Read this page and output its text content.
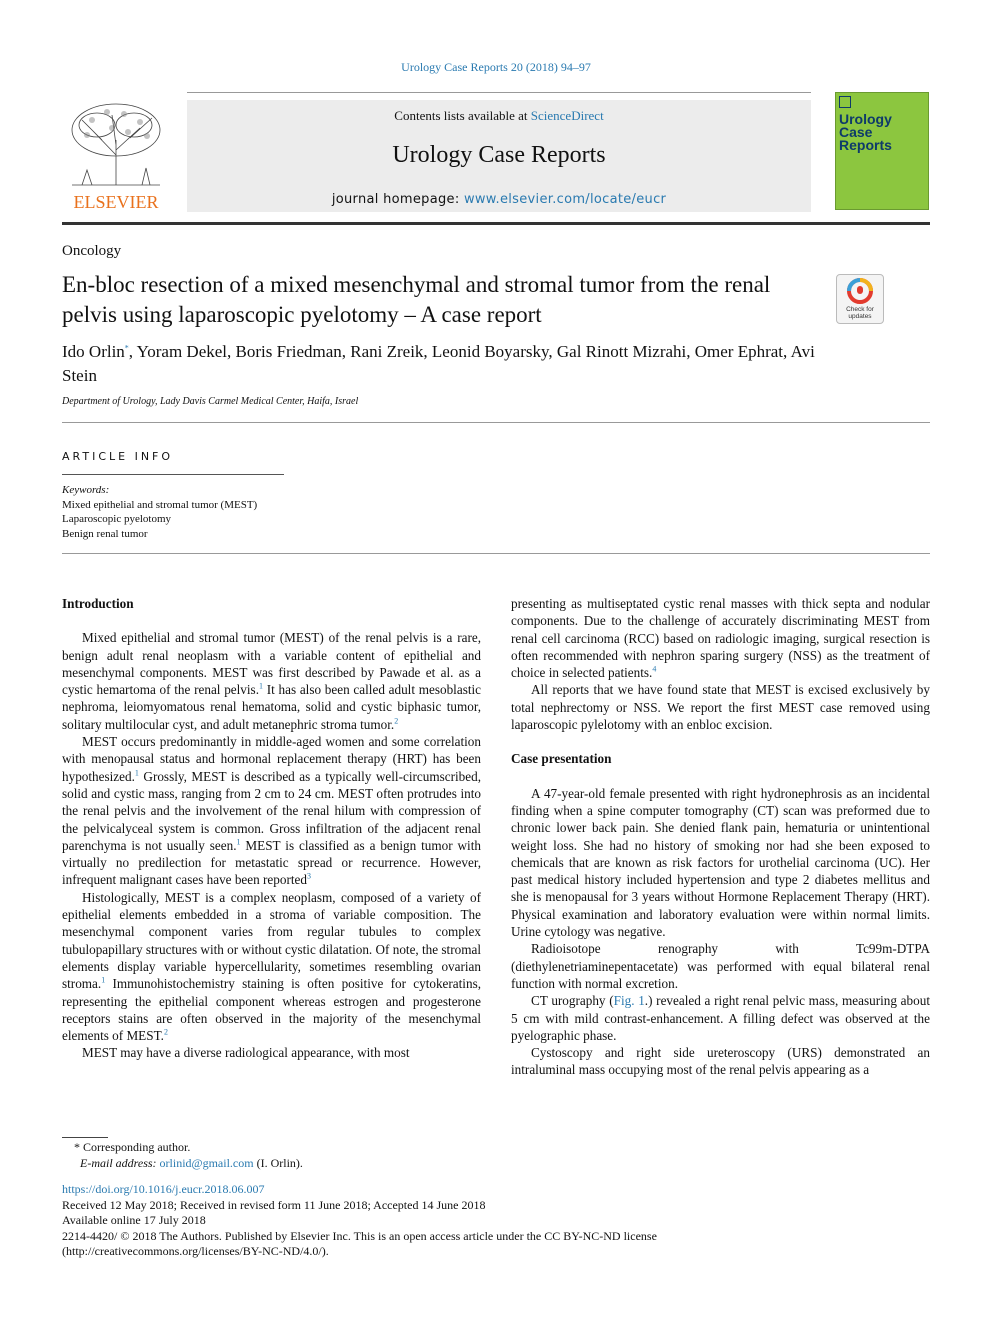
Urology Case Reports 20 (2018) 94–97
ELSEVIER
Contents lists available at ScienceDirect
Urology Case Reports
journal homepage: www.elsevier.com/locate/eucr
Urology
Case
Reports
Oncology
En-bloc resection of a mixed mesenchymal and stromal tumor from the renal pelvis using laparoscopic pyelotomy – A case report	Check for updates
Ido Orlin*, Yoram Dekel, Boris Friedman, Rani Zreik, Leonid Boyarsky, Gal Rinott Mizrahi, Omer Ephrat, Avi Stein
Department of Urology, Lady Davis Carmel Medical Center, Haifa, Israel
ARTICLE INFO
Keywords:
Mixed epithelial and stromal tumor (MEST)
Laparoscopic pyelotomy
Benign renal tumor
Introduction

Mixed epithelial and stromal tumor (MEST) of the renal pelvis is a rare, benign adult renal neoplasm with a variable content of epithelial and mesenchymal components. MEST was first described by Pawade et al. as a cystic hemartoma of the renal pelvis.$^1$ It has also been called adult mesoblastic nephroma, leiomyomatous renal hematoma, solid and cystic biphasic tumor, solitary multilocular cyst, and adult metanephric stroma tumor.$^2$

MEST occurs predominantly in middle-aged women and some correlation with menopausal status and hormonal replacement therapy (HRT) has been hypothesized.$^1$ Grossly, MEST is described as a typically well-circumscribed, solid and cystic mass, ranging from 2 cm to 24 cm. MEST often protrudes into the renal pelvis and the involvement of the renal hilum with compression of the pelvicalyceal system is common. Gross infiltration of the adjacent renal parenchyma is not usually seen.$^1$ MEST is classified as a benign tumor with virtually no predilection for metastatic spread or recurrence. However, infrequent malignant cases have been reported$^3$

Histologically, MEST is a complex neoplasm, composed of a variety of epithelial elements embedded in a stroma of variable composition. The mesenchymal component varies from regular tubules to complex tubulopapillary structures with or without cystic dilatation. Of note, the stromal elements display variable hypercellularity, sometimes resembling ovarian stroma.$^1$ Immunohistochemistry staining is often positive for cytokeratins, representing the epithelial component whereas estrogen and progesterone receptors stains are often observed in the majority of the mesenchymal elements of MEST.$^2$

MEST may have a diverse radiological appearance, with most

presenting as multiseptated cystic renal masses with thick septa and nodular components. Due to the challenge of accurately discriminating MEST from renal cell carcinoma (RCC) based on radiologic imaging, surgical resection is often recommended with nephron sparing surgery (NSS) as the treatment of choice in selected patients.$^4$

All reports that we have found state that MEST is excised exclusively by total nephrectomy or NSS. We report the first MEST case removed using laparoscopic pylelotomy with an enbloc excision.

Case presentation

A 47-year-old female presented with right hydronephrosis as an incidental finding when a spine computer tomography (CT) scan was preformed due to chronic lower back pain. She denied flank pain, hematuria or unintentional weight loss. She had no history of smoking nor had she been exposed to chemicals that are known as risk factors for urothelial carcinoma (UC). Her past medical history included hypertension and type 2 diabetes mellitus and she is menopausal for 3 years without Hormone Replacement Therapy (HRT). Physical examination and laboratory evaluation were within normal limits. Urine cytology was negative.

Radioisotope renography with Tc99m-DTPA (diethylenetriaminepentacetate) was performed with equal bilateral renal function with normal excretion.

CT urography (Fig. 1.) revealed a right renal pelvic mass, measuring about 5 cm with mild contrast-enhancement. A filling defect was observed at the pyelographic phase.

Cystoscopy and right side ureteroscopy (URS) demonstrated an intraluminal mass occupying most of the renal pelvis appearing as a

* Corresponding author.
E-mail address: orlinid@gmail.com (I. Orlin).
https://doi.org/10.1016/j.eucr.2018.06.007
Received 12 May 2018; Received in revised form 11 June 2018; Accepted 14 June 2018
Available online 17 July 2018
2214-4420/ © 2018 The Authors. Published by Elsevier Inc. This is an open access article under the CC BY-NC-ND license
(http://creativecommons.org/licenses/BY-NC-ND/4.0/).
